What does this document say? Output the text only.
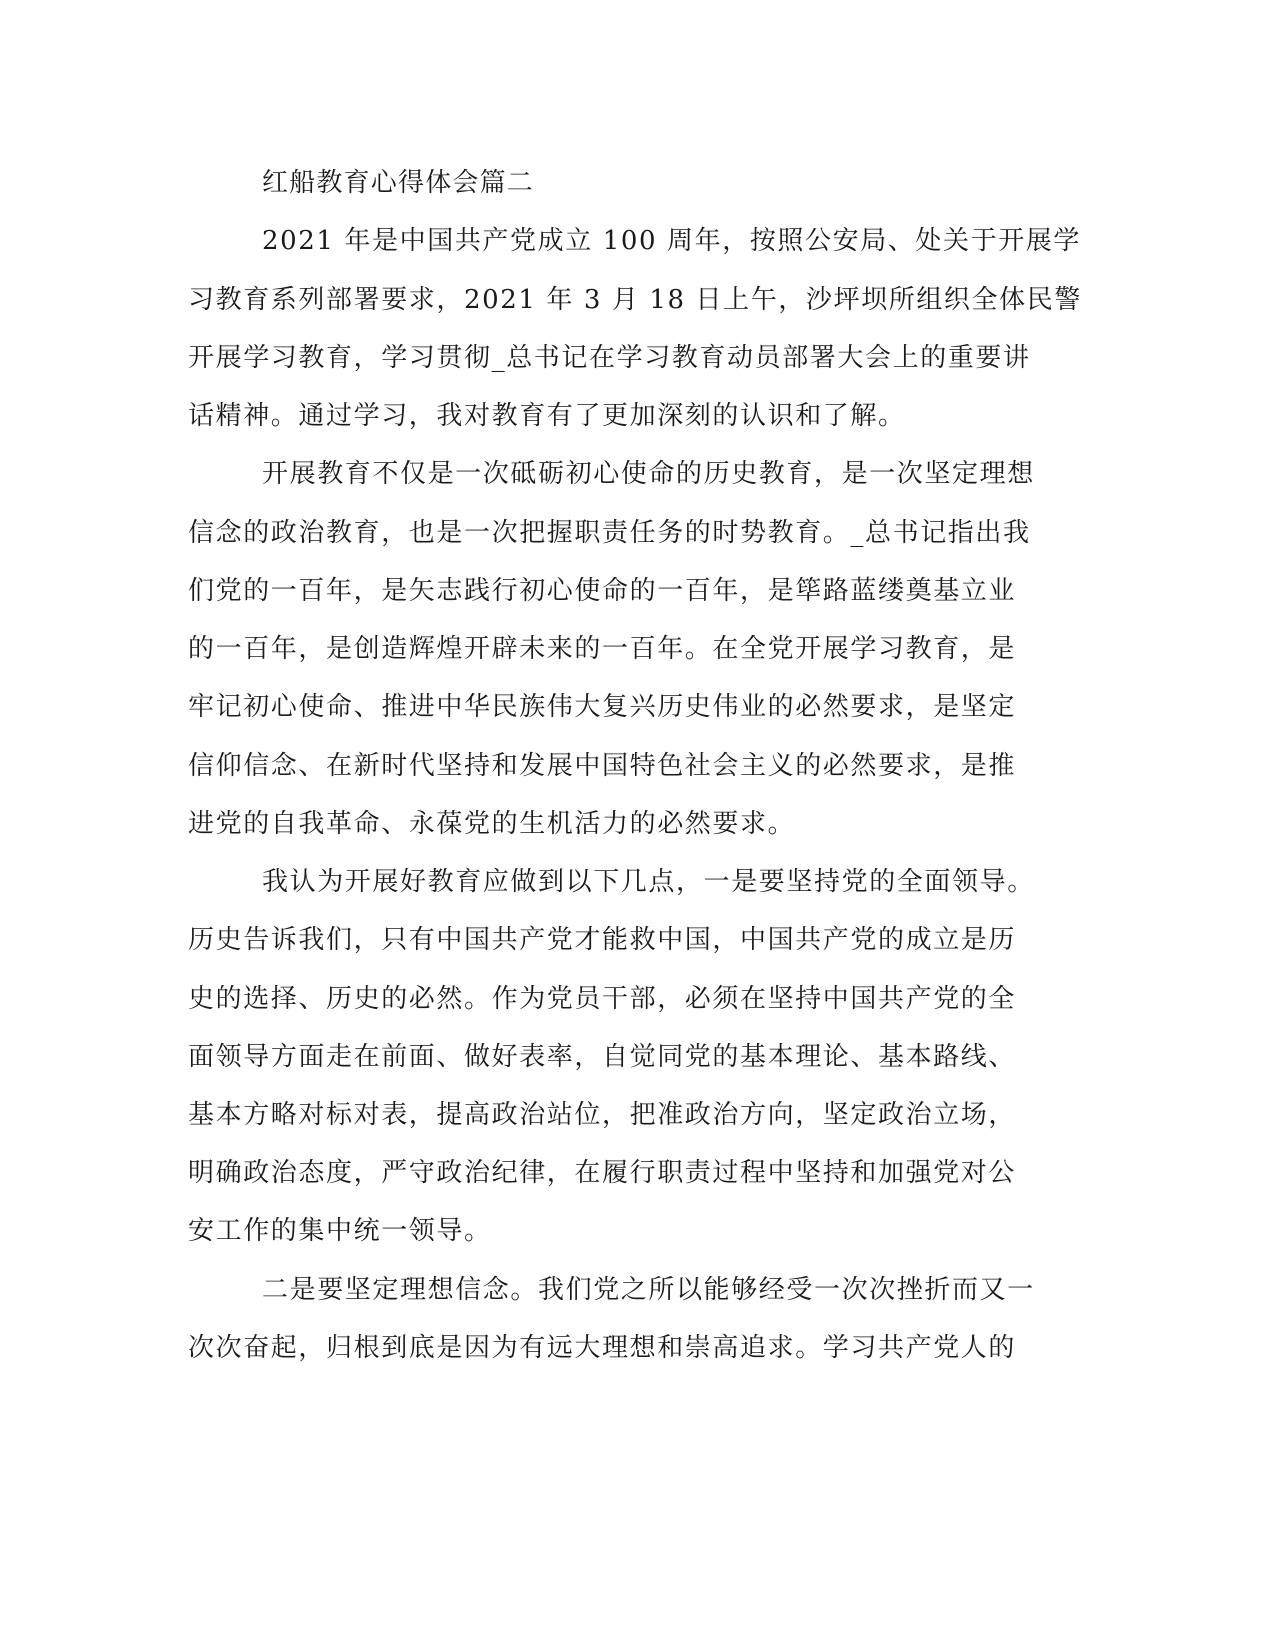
红船教育心得体会篇二
2021 年是中国共产党成立 100 周年，按照公安局、处关于开展学
习教育系列部署要求，2021 年 3 月 18 日上午，沙坪坝所组织全体民警
开展学习教育，学习贯彻_总书记在学习教育动员部署大会上的重要讲
话精神。通过学习，我对教育有了更加深刻的认识和了解。
开展教育不仅是一次砥砺初心使命的历史教育，是一次坚定理想
信念的政治教育，也是一次把握职责任务的时势教育。_总书记指出我
们党的一百年，是矢志践行初心使命的一百年，是筚路蓝缕奠基立业
的一百年，是创造辉煌开辟未来的一百年。在全党开展学习教育，是
牢记初心使命、推进中华民族伟大复兴历史伟业的必然要求，是坚定
信仰信念、在新时代坚持和发展中国特色社会主义的必然要求，是推
进党的自我革命、永葆党的生机活力的必然要求。
我认为开展好教育应做到以下几点，一是要坚持党的全面领导。
历史告诉我们，只有中国共产党才能救中国，中国共产党的成立是历
史的选择、历史的必然。作为党员干部，必须在坚持中国共产党的全
面领导方面走在前面、做好表率，自觉同党的基本理论、基本路线、
基本方略对标对表，提高政治站位，把准政治方向，坚定政治立场，
明确政治态度，严守政治纪律，在履行职责过程中坚持和加强党对公
安工作的集中统一领导。
二是要坚定理想信念。我们党之所以能够经受一次次挫折而又一
次次奋起，归根到底是因为有远大理想和崇高追求。学习共产党人的
